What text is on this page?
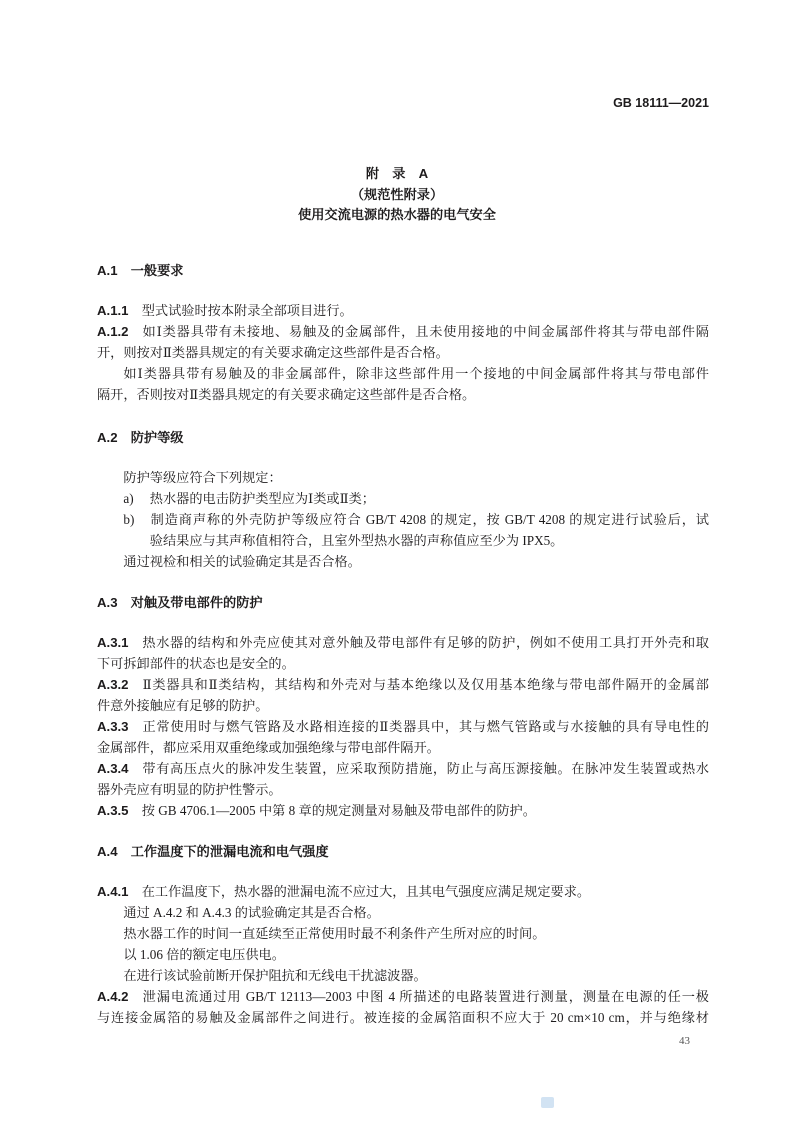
GB 18111—2021
附　录　A
（规范性附录）
使用交流电源的热水器的电气安全
A.1 一般要求
A.1.1 型式试验时按本附录全部项目进行。
A.1.2 如Ⅰ类器具带有未接地、易触及的金属部件，且未使用接地的中间金属部件将其与带电部件隔
开，则按对Ⅱ类器具规定的有关要求确定这些部件是否合格。
如Ⅰ类器具带有易触及的非金属部件，除非这些部件用一个接地的中间金属部件将其与带电部件
隔开，否则按对Ⅱ类器具规定的有关要求确定这些部件是否合格。
A.2 防护等级
防护等级应符合下列规定：
a) 热水器的电击防护类型应为Ⅰ类或Ⅱ类；
b) 制造商声称的外壳防护等级应符合 GB/T 4208 的规定，按 GB/T 4208 的规定进行试验后，试
验结果应与其声称值相符合，且室外型热水器的声称值应至少为 IPX5。
通过视检和相关的试验确定其是否合格。
A.3 对触及带电部件的防护
A.3.1 热水器的结构和外壳应使其对意外触及带电部件有足够的防护，例如不使用工具打开外壳和取
下可拆卸部件的状态也是安全的。
A.3.2 Ⅱ类器具和Ⅱ类结构，其结构和外壳对与基本绝缘以及仅用基本绝缘与带电部件隔开的金属部
件意外接触应有足够的防护。
A.3.3 正常使用时与燃气管路及水路相连接的Ⅱ类器具中，其与燃气管路或与水接触的具有导电性的
金属部件，都应采用双重绝缘或加强绝缘与带电部件隔开。
A.3.4 带有高压点火的脉冲发生装置，应采取预防措施，防止与高压源接触。在脉冲发生装置或热水
器外壳应有明显的防护性警示。
A.3.5 按 GB 4706.1—2005 中第 8 章的规定测量对易触及带电部件的防护。
A.4 工作温度下的泄漏电流和电气强度
A.4.1 在工作温度下，热水器的泄漏电流不应过大，且其电气强度应满足规定要求。
通过 A.4.2 和 A.4.3 的试验确定其是否合格。
热水器工作的时间一直延续至正常使用时最不利条件产生所对应的时间。
以 1.06 倍的额定电压供电。
在进行该试验前断开保护阻抗和无线电干扰滤波器。
A.4.2 泄漏电流通过用 GB/T 12113—2003 中图 4 所描述的电路装置进行测量，测量在电源的任一极
与连接金属箔的易触及金属部件之间进行。被连接的金属箔面积不应大于 20 cm×10 cm，并与绝缘材
43
